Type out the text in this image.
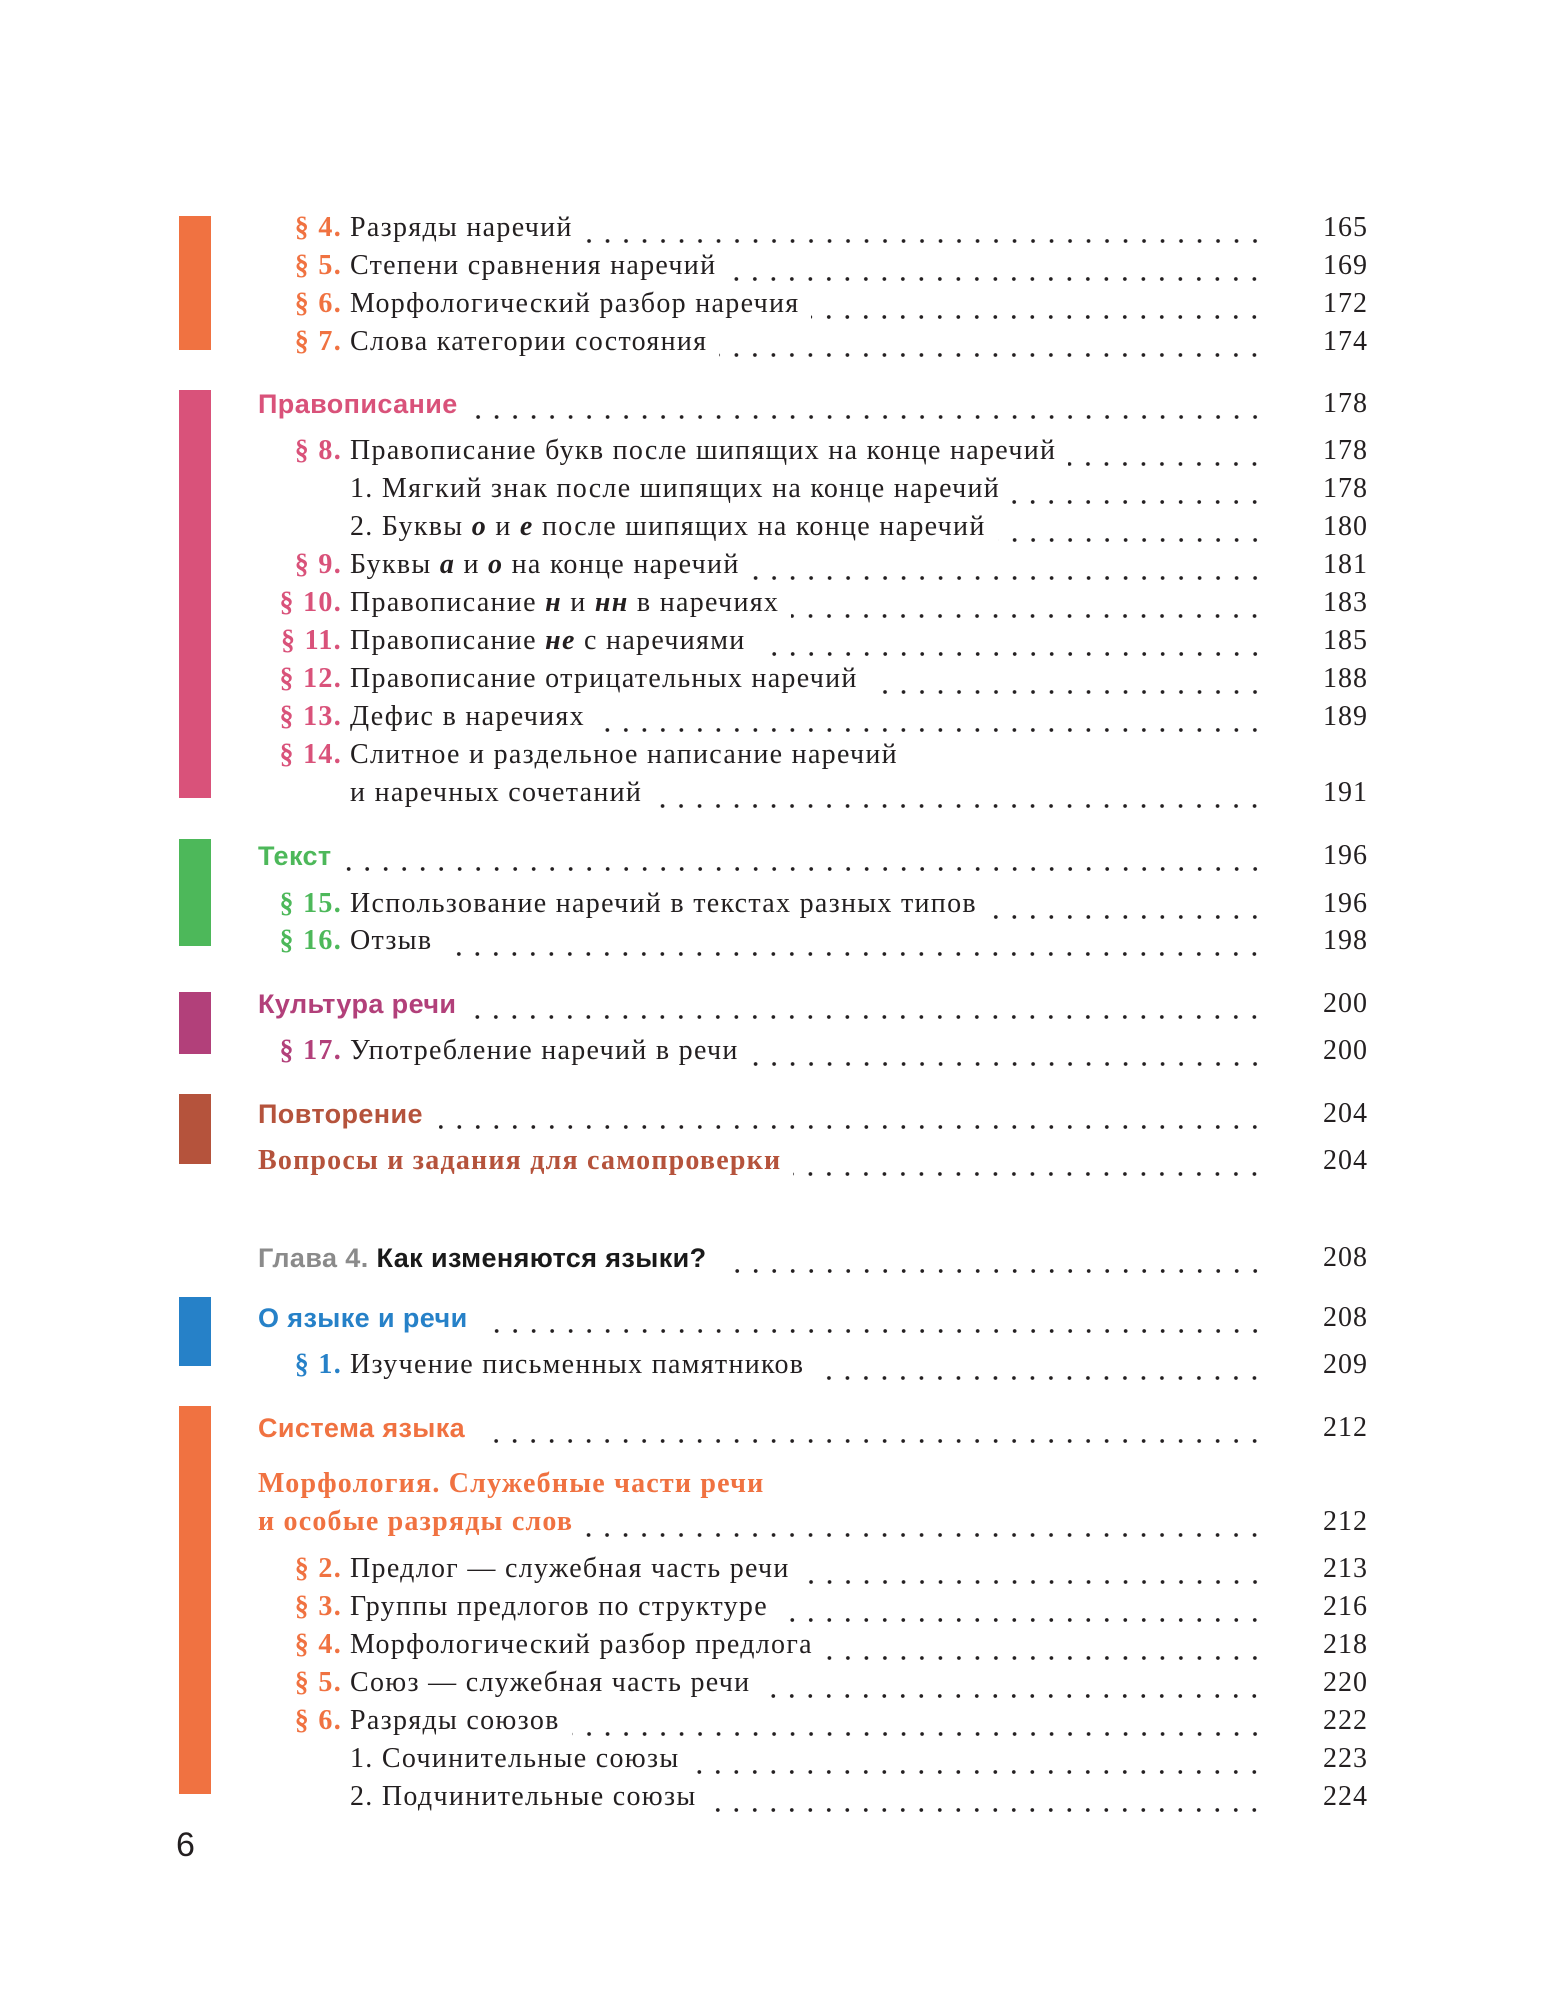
§ 4. Разряды наречий	165
§ 5. Степени сравнения наречий	169
§ 6. Морфологический разбор наречия	172
§ 7. Слова категории состояния	174
Правописание	178
§ 8. Правописание букв после шипящих на конце наречий	178
1. Мягкий знак после шипящих на конце наречий	178
2. Буквы о и е после шипящих на конце наречий	180
§ 9. Буквы а и о на конце наречий	181
§ 10. Правописание н и нн в наречиях	183
§ 11. Правописание не с наречиями	185
§ 12. Правописание отрицательных наречий	188
§ 13. Дефис в наречиях	189
§ 14. Слитное и раздельное написание наречий
и наречных сочетаний	191
Текст	196
§ 15. Использование наречий в текстах разных типов	196
§ 16. Отзыв	198
Культура речи	200
§ 17. Употребление наречий в речи	200
Повторение	204
Вопросы и задания для самопроверки	204
Глава 4. Как изменяются языки?	208
О языке и речи	208
§ 1. Изучение письменных памятников	209
Система языка	212
Морфология. Служебные части речи
и особые разряды слов	212
§ 2. Предлог — служебная часть речи	213
§ 3. Группы предлогов по структуре	216
§ 4. Морфологический разбор предлога	218
§ 5. Союз — служебная часть речи	220
§ 6. Разряды союзов	222
1. Сочинительные союзы	223
2. Подчинительные союзы	224
6
